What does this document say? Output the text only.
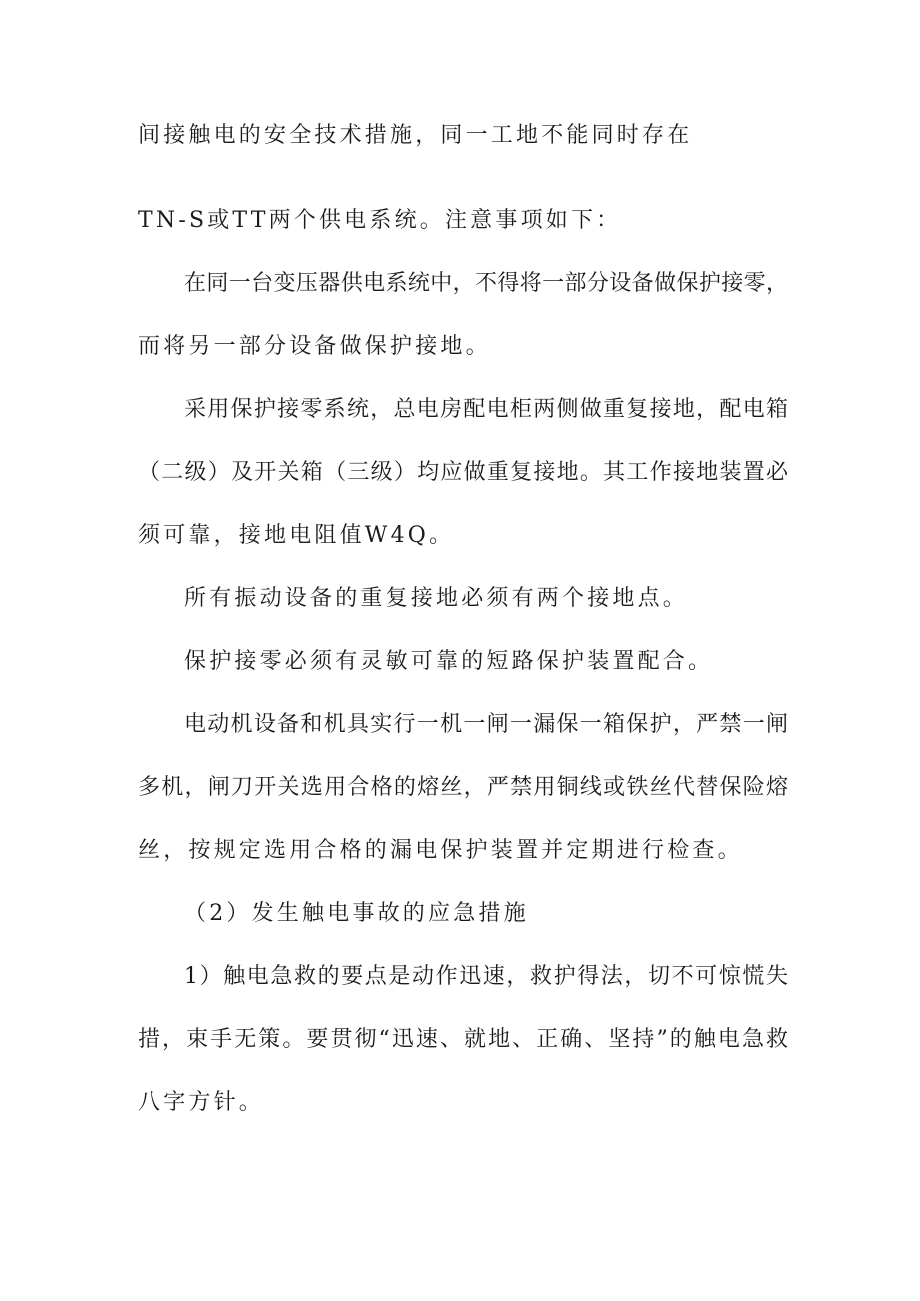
间接触电的安全技术措施，同一工地不能同时存在
TN-S或TT两个供电系统。注意事项如下：
在同一台变压器供电系统中，不得将一部分设备做保护接零，
而将另一部分设备做保护接地。
采用保护接零系统，总电房配电柜两侧做重复接地，配电箱
（二级）及开关箱（三级）均应做重复接地。其工作接地装置必
须可靠，接地电阻值W4Q。
所有振动设备的重复接地必须有两个接地点。
保护接零必须有灵敏可靠的短路保护装置配合。
电动机设备和机具实行一机一闸一漏保一箱保护，严禁一闸
多机，闸刀开关选用合格的熔丝，严禁用铜线或铁丝代替保险熔
丝，按规定选用合格的漏电保护装置并定期进行检查。
（2）发生触电事故的应急措施
1）触电急救的要点是动作迅速，救护得法，切不可惊慌失
措，束手无策。要贯彻“迅速、就地、正确、坚持”的触电急救
八字方针。
